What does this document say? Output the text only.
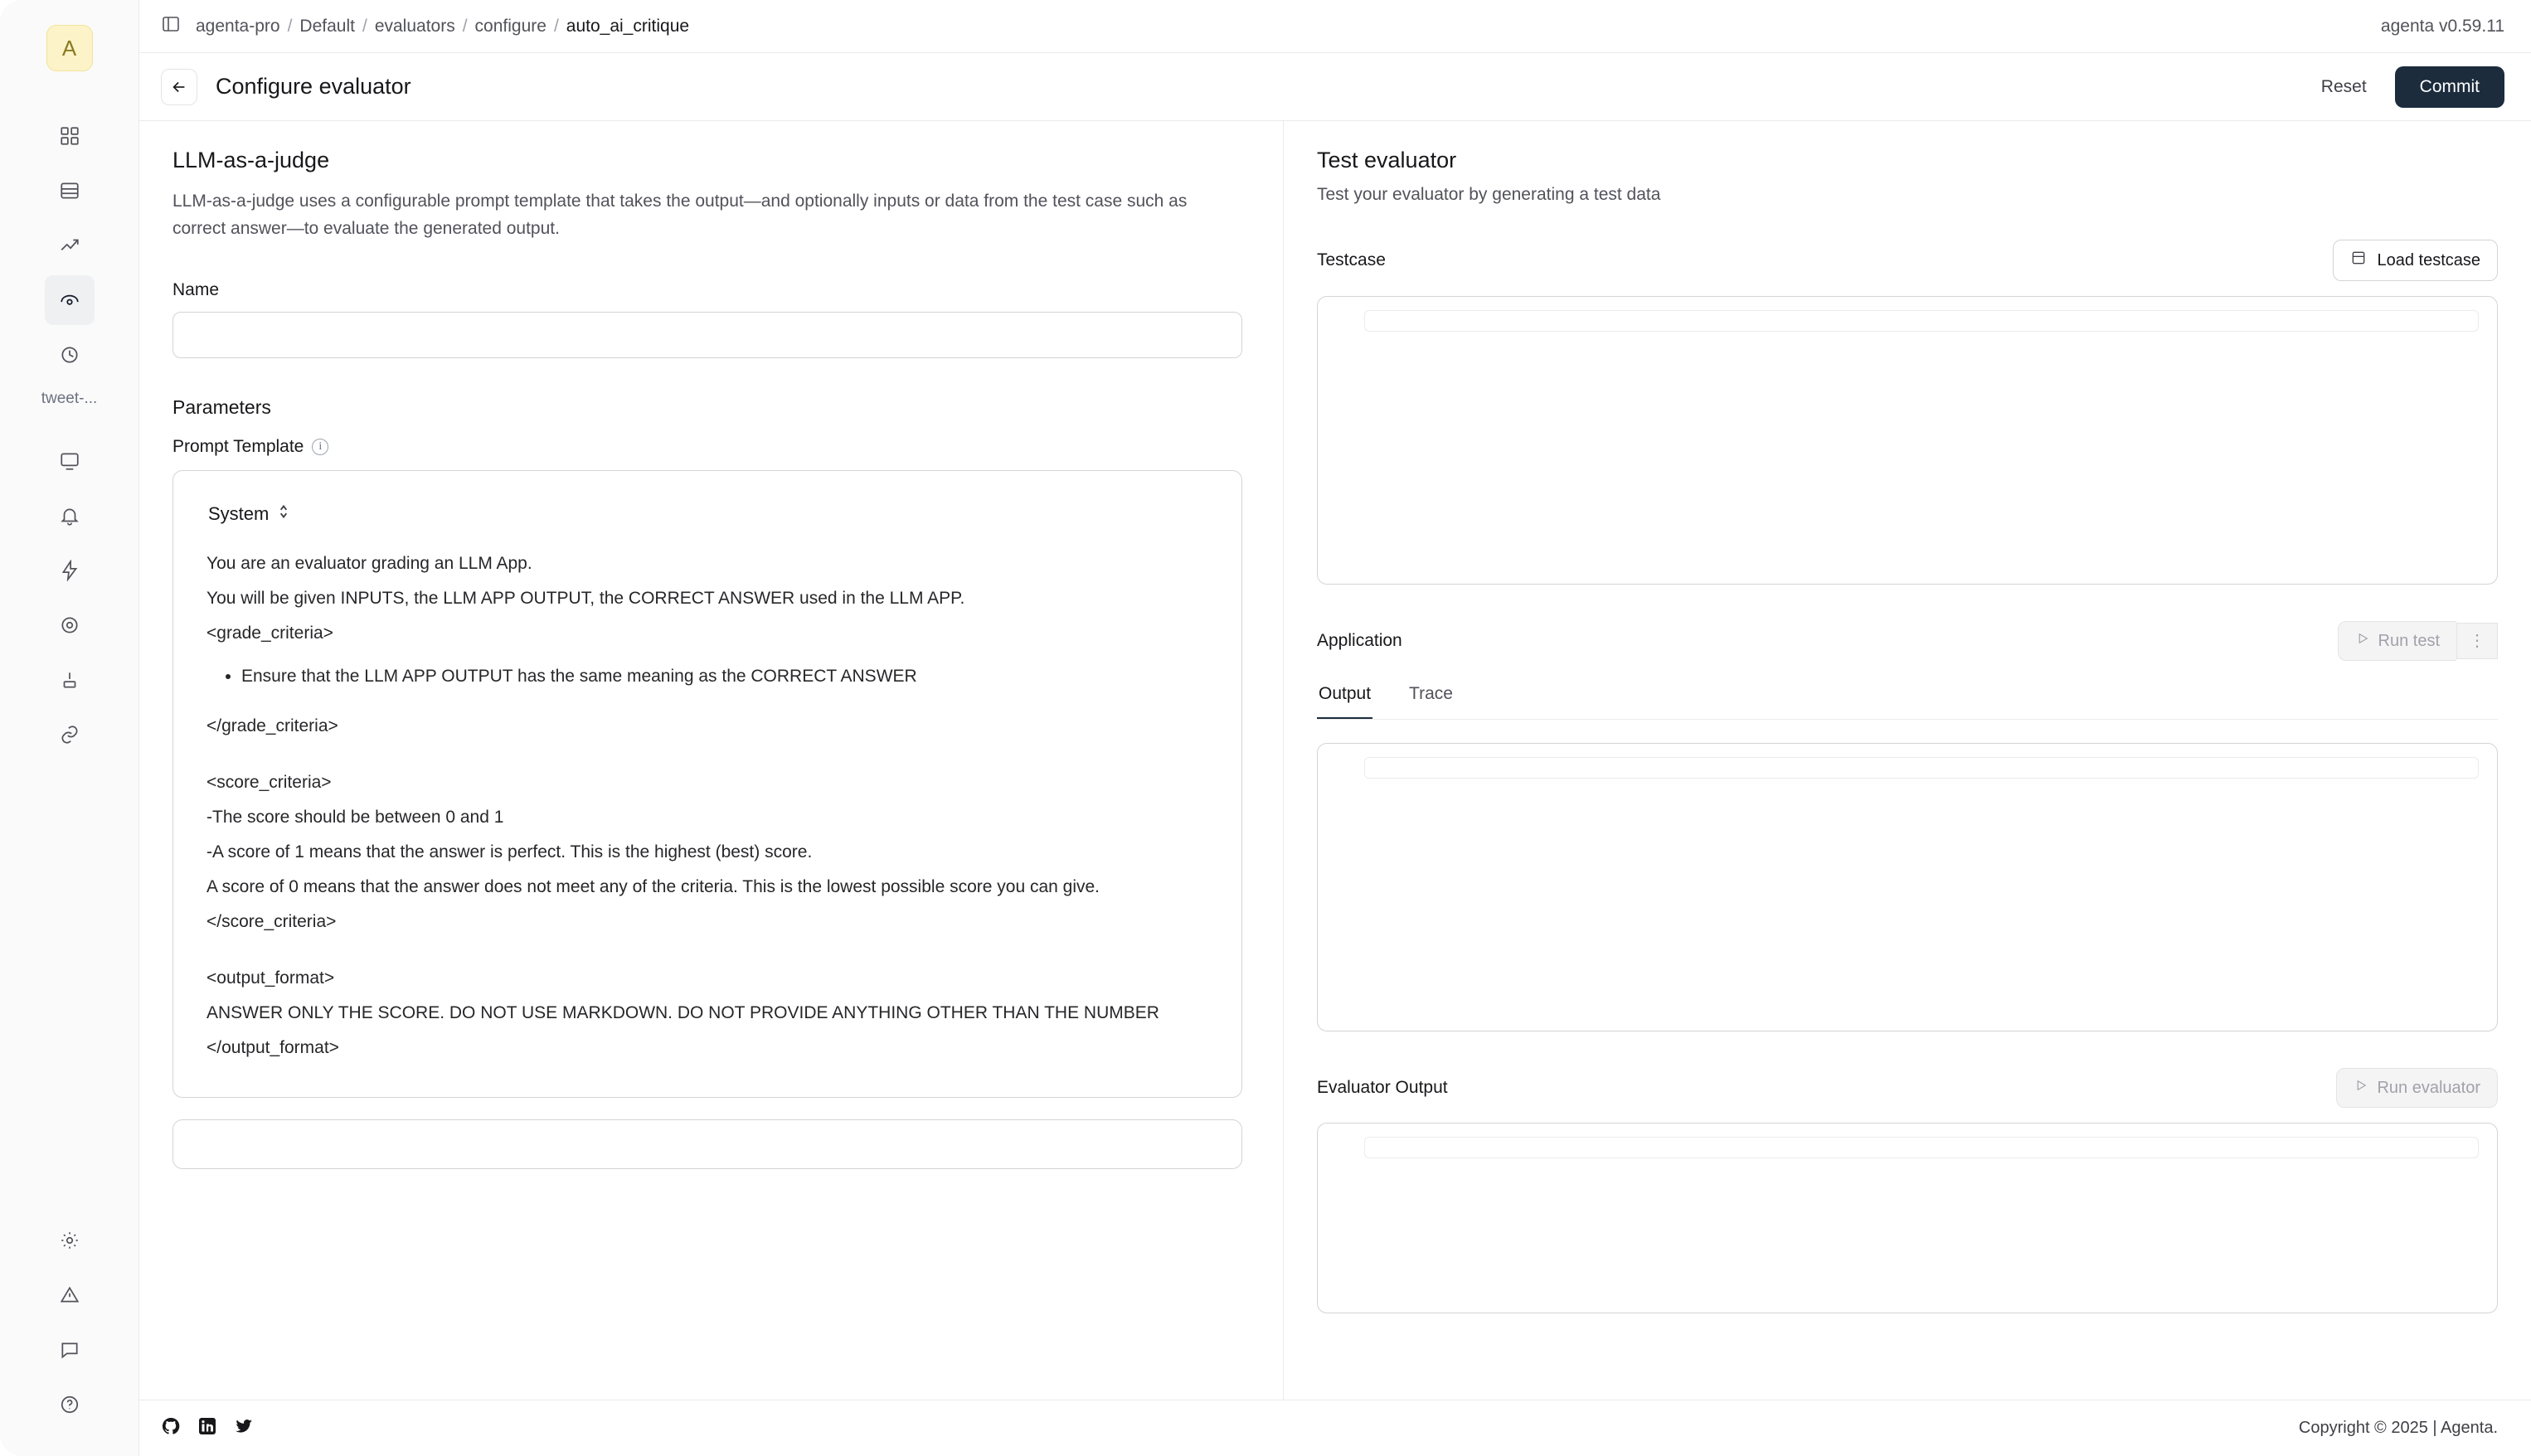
A
tweet-...
agenta-pro / Default / evaluators / configure / auto_ai_critique	agenta v0.59.11
Configure evaluator	Reset	Commit
LLM-as-a-judge

LLM-as-a-judge uses a configurable prompt template that takes the output—and optionally inputs or data from the test case such as correct answer—to evaluate the generated output.

Name
Parameters
Prompt Template	i
System

You are an evaluator grading an LLM App.

You will be given INPUTS, the LLM APP OUTPUT, the CORRECT ANSWER used in the LLM APP.

<grade_criteria>

• Ensure that the LLM APP OUTPUT has the same meaning as the CORRECT ANSWER

</grade_criteria>

<score_criteria>

-The score should be between 0 and 1

-A score of 1 means that the answer is perfect. This is the highest (best) score.

A score of 0 means that the answer does not meet any of the criteria. This is the lowest possible score you can give.

</score_criteria>

<output_format>

ANSWER ONLY THE SCORE. DO NOT USE MARKDOWN. DO NOT PROVIDE ANYTHING OTHER THAN THE NUMBER

</output_format>

Test evaluator

Test your evaluator by generating a test data

Testcase	Load testcase
Application	Run test	⋮
Output Trace
Evaluator Output	Run evaluator
Copyright © 2025 | Agenta.
